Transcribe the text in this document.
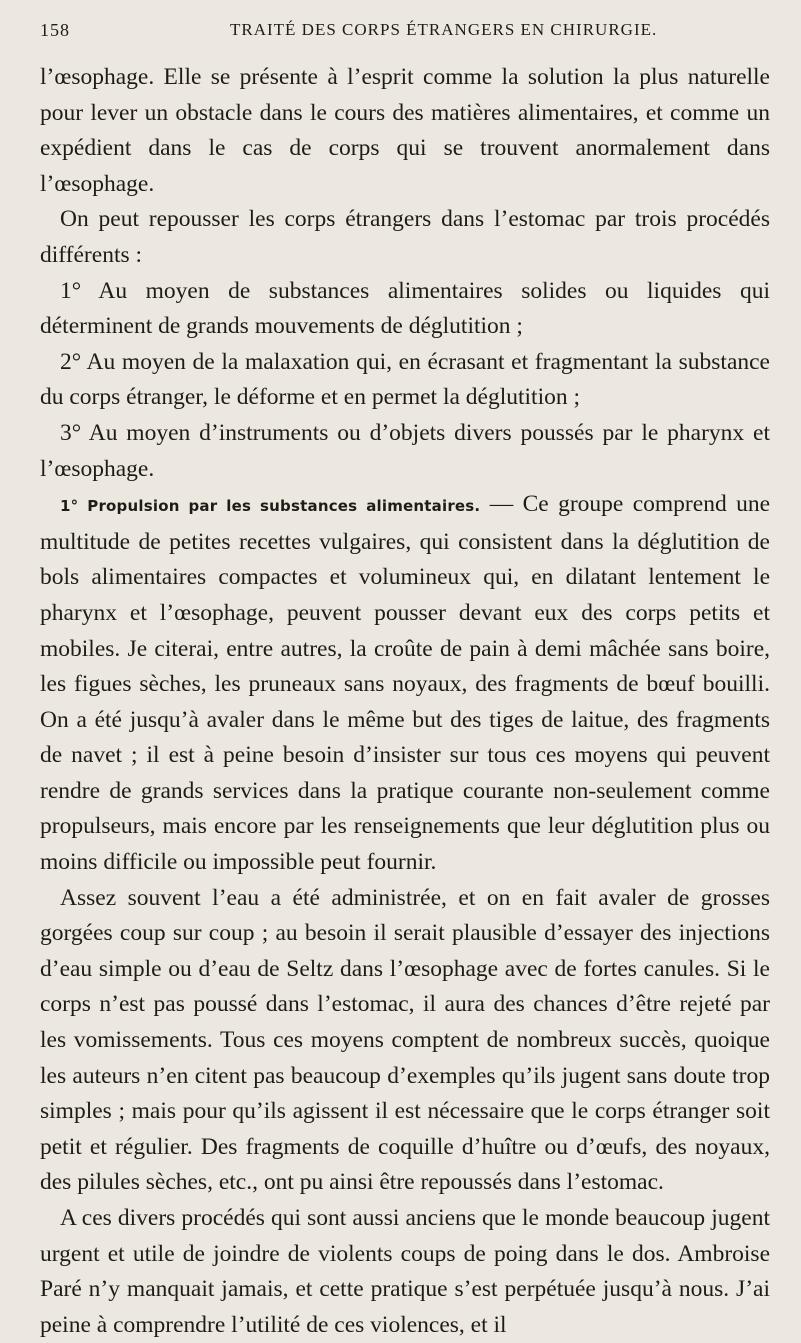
158	TRAITÉ DES CORPS ÉTRANGERS EN CHIRURGIE.

l’œsophage. Elle se présente à l’esprit comme la solution la plus naturelle pour lever un obstacle dans le cours des matières alimentaires, et comme un expédient dans le cas de corps qui se trouvent anormalement dans l’œsophage.

On peut repousser les corps étrangers dans l’estomac par trois procédés différents :

1° Au moyen de substances alimentaires solides ou liquides qui déterminent de grands mouvements de déglutition ;

2° Au moyen de la malaxation qui, en écrasant et fragmentant la substance du corps étranger, le déforme et en permet la déglutition ;

3° Au moyen d’instruments ou d’objets divers poussés par le pharynx et l’œsophage.

1° Propulsion par les substances alimentaires. — Ce groupe comprend une multitude de petites recettes vulgaires, qui consistent dans la déglutition de bols alimentaires compactes et volumineux qui, en dilatant lentement le pharynx et l’œsophage, peuvent pousser devant eux des corps petits et mobiles. Je citerai, entre autres, la croûte de pain à demi mâchée sans boire, les figues sèches, les pruneaux sans noyaux, des fragments de bœuf bouilli. On a été jusqu’à avaler dans le même but des tiges de laitue, des fragments de navet ; il est à peine besoin d’insister sur tous ces moyens qui peuvent rendre de grands services dans la pratique courante non-seulement comme propulseurs, mais encore par les renseignements que leur déglutition plus ou moins difficile ou impossible peut fournir.

Assez souvent l’eau a été administrée, et on en fait avaler de grosses gorgées coup sur coup ; au besoin il serait plausible d’essayer des injections d’eau simple ou d’eau de Seltz dans l’œsophage avec de fortes canules. Si le corps n’est pas poussé dans l’estomac, il aura des chances d’être rejeté par les vomissements. Tous ces moyens comptent de nombreux succès, quoique les auteurs n’en citent pas beaucoup d’exemples qu’ils jugent sans doute trop simples ; mais pour qu’ils agissent il est nécessaire que le corps étranger soit petit et régulier. Des fragments de coquille d’huître ou d’œufs, des noyaux, des pilules sèches, etc., ont pu ainsi être repoussés dans l’estomac.

A ces divers procédés qui sont aussi anciens que le monde beaucoup jugent urgent et utile de joindre de violents coups de poing dans le dos. Ambroise Paré n’y manquait jamais, et cette pratique s’est perpétuée jusqu’à nous. J’ai peine à comprendre l’utilité de ces violences, et il
